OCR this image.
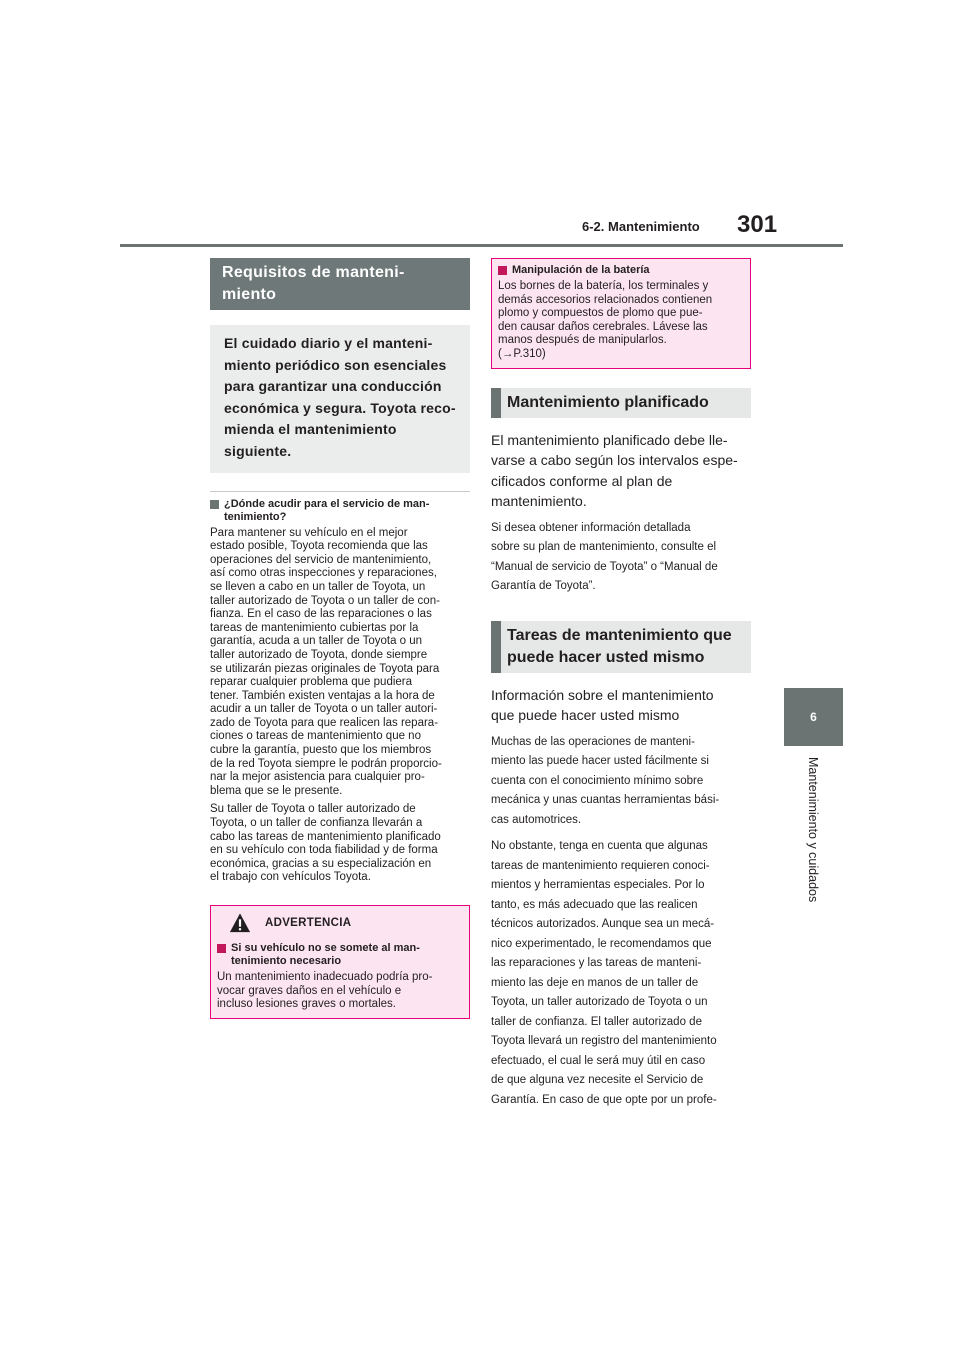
6-2. Mantenimiento 301
6
Mantenimiento y cuidados
Requisitos de manteni-
miento
El cuidado diario y el manteni-
miento periódico son esenciales
para garantizar una conducción
económica y segura. Toyota reco-
mienda el mantenimiento
siguiente.
¿Dónde acudir para el servicio de man-
tenimiento?
Para mantener su vehículo en el mejor
estado posible, Toyota recomienda que las
operaciones del servicio de mantenimiento,
así como otras inspecciones y reparaciones,
se lleven a cabo en un taller de Toyota, un
taller autorizado de Toyota o un taller de con-
fianza. En el caso de las reparaciones o las
tareas de mantenimiento cubiertas por la
garantía, acuda a un taller de Toyota o un
taller autorizado de Toyota, donde siempre
se utilizarán piezas originales de Toyota para
reparar cualquier problema que pudiera
tener. También existen ventajas a la hora de
acudir a un taller de Toyota o un taller autori-
zado de Toyota para que realicen las repara-
ciones o tareas de mantenimiento que no
cubre la garantía, puesto que los miembros
de la red Toyota siempre le podrán proporcio-
nar la mejor asistencia para cualquier pro-
blema que se le presente.
Su taller de Toyota o taller autorizado de
Toyota, o un taller de confianza llevarán a
cabo las tareas de mantenimiento planificado
en su vehículo con toda fiabilidad y de forma
económica, gracias a su especialización en
el trabajo con vehículos Toyota.
ADVERTENCIA
Si su vehículo no se somete al man-
tenimiento necesario
Un mantenimiento inadecuado podría pro-
vocar graves daños en el vehículo e
incluso lesiones graves o mortales.
Manipulación de la batería
Los bornes de la batería, los terminales y
demás accesorios relacionados contienen
plomo y compuestos de plomo que pue-
den causar daños cerebrales. Lávese las
manos después de manipularlos.
(→P.310)
Mantenimiento planificado
El mantenimiento planificado debe lle-
varse a cabo según los intervalos espe-
cificados conforme al plan de
mantenimiento.
Si desea obtener información detallada
sobre su plan de mantenimiento, consulte el
“Manual de servicio de Toyota” o “Manual de
Garantía de Toyota”.
Tareas de mantenimiento que
puede hacer usted mismo
Información sobre el mantenimiento
que puede hacer usted mismo
Muchas de las operaciones de manteni-
miento las puede hacer usted fácilmente si
cuenta con el conocimiento mínimo sobre
mecánica y unas cuantas herramientas bási-
cas automotrices.
No obstante, tenga en cuenta que algunas
tareas de mantenimiento requieren conoci-
mientos y herramientas especiales. Por lo
tanto, es más adecuado que las realicen
técnicos autorizados. Aunque sea un mecá-
nico experimentado, le recomendamos que
las reparaciones y las tareas de manteni-
miento las deje en manos de un taller de
Toyota, un taller autorizado de Toyota o un
taller de confianza. El taller autorizado de
Toyota llevará un registro del mantenimiento
efectuado, el cual le será muy útil en caso
de que alguna vez necesite el Servicio de
Garantía. En caso de que opte por un profe-
